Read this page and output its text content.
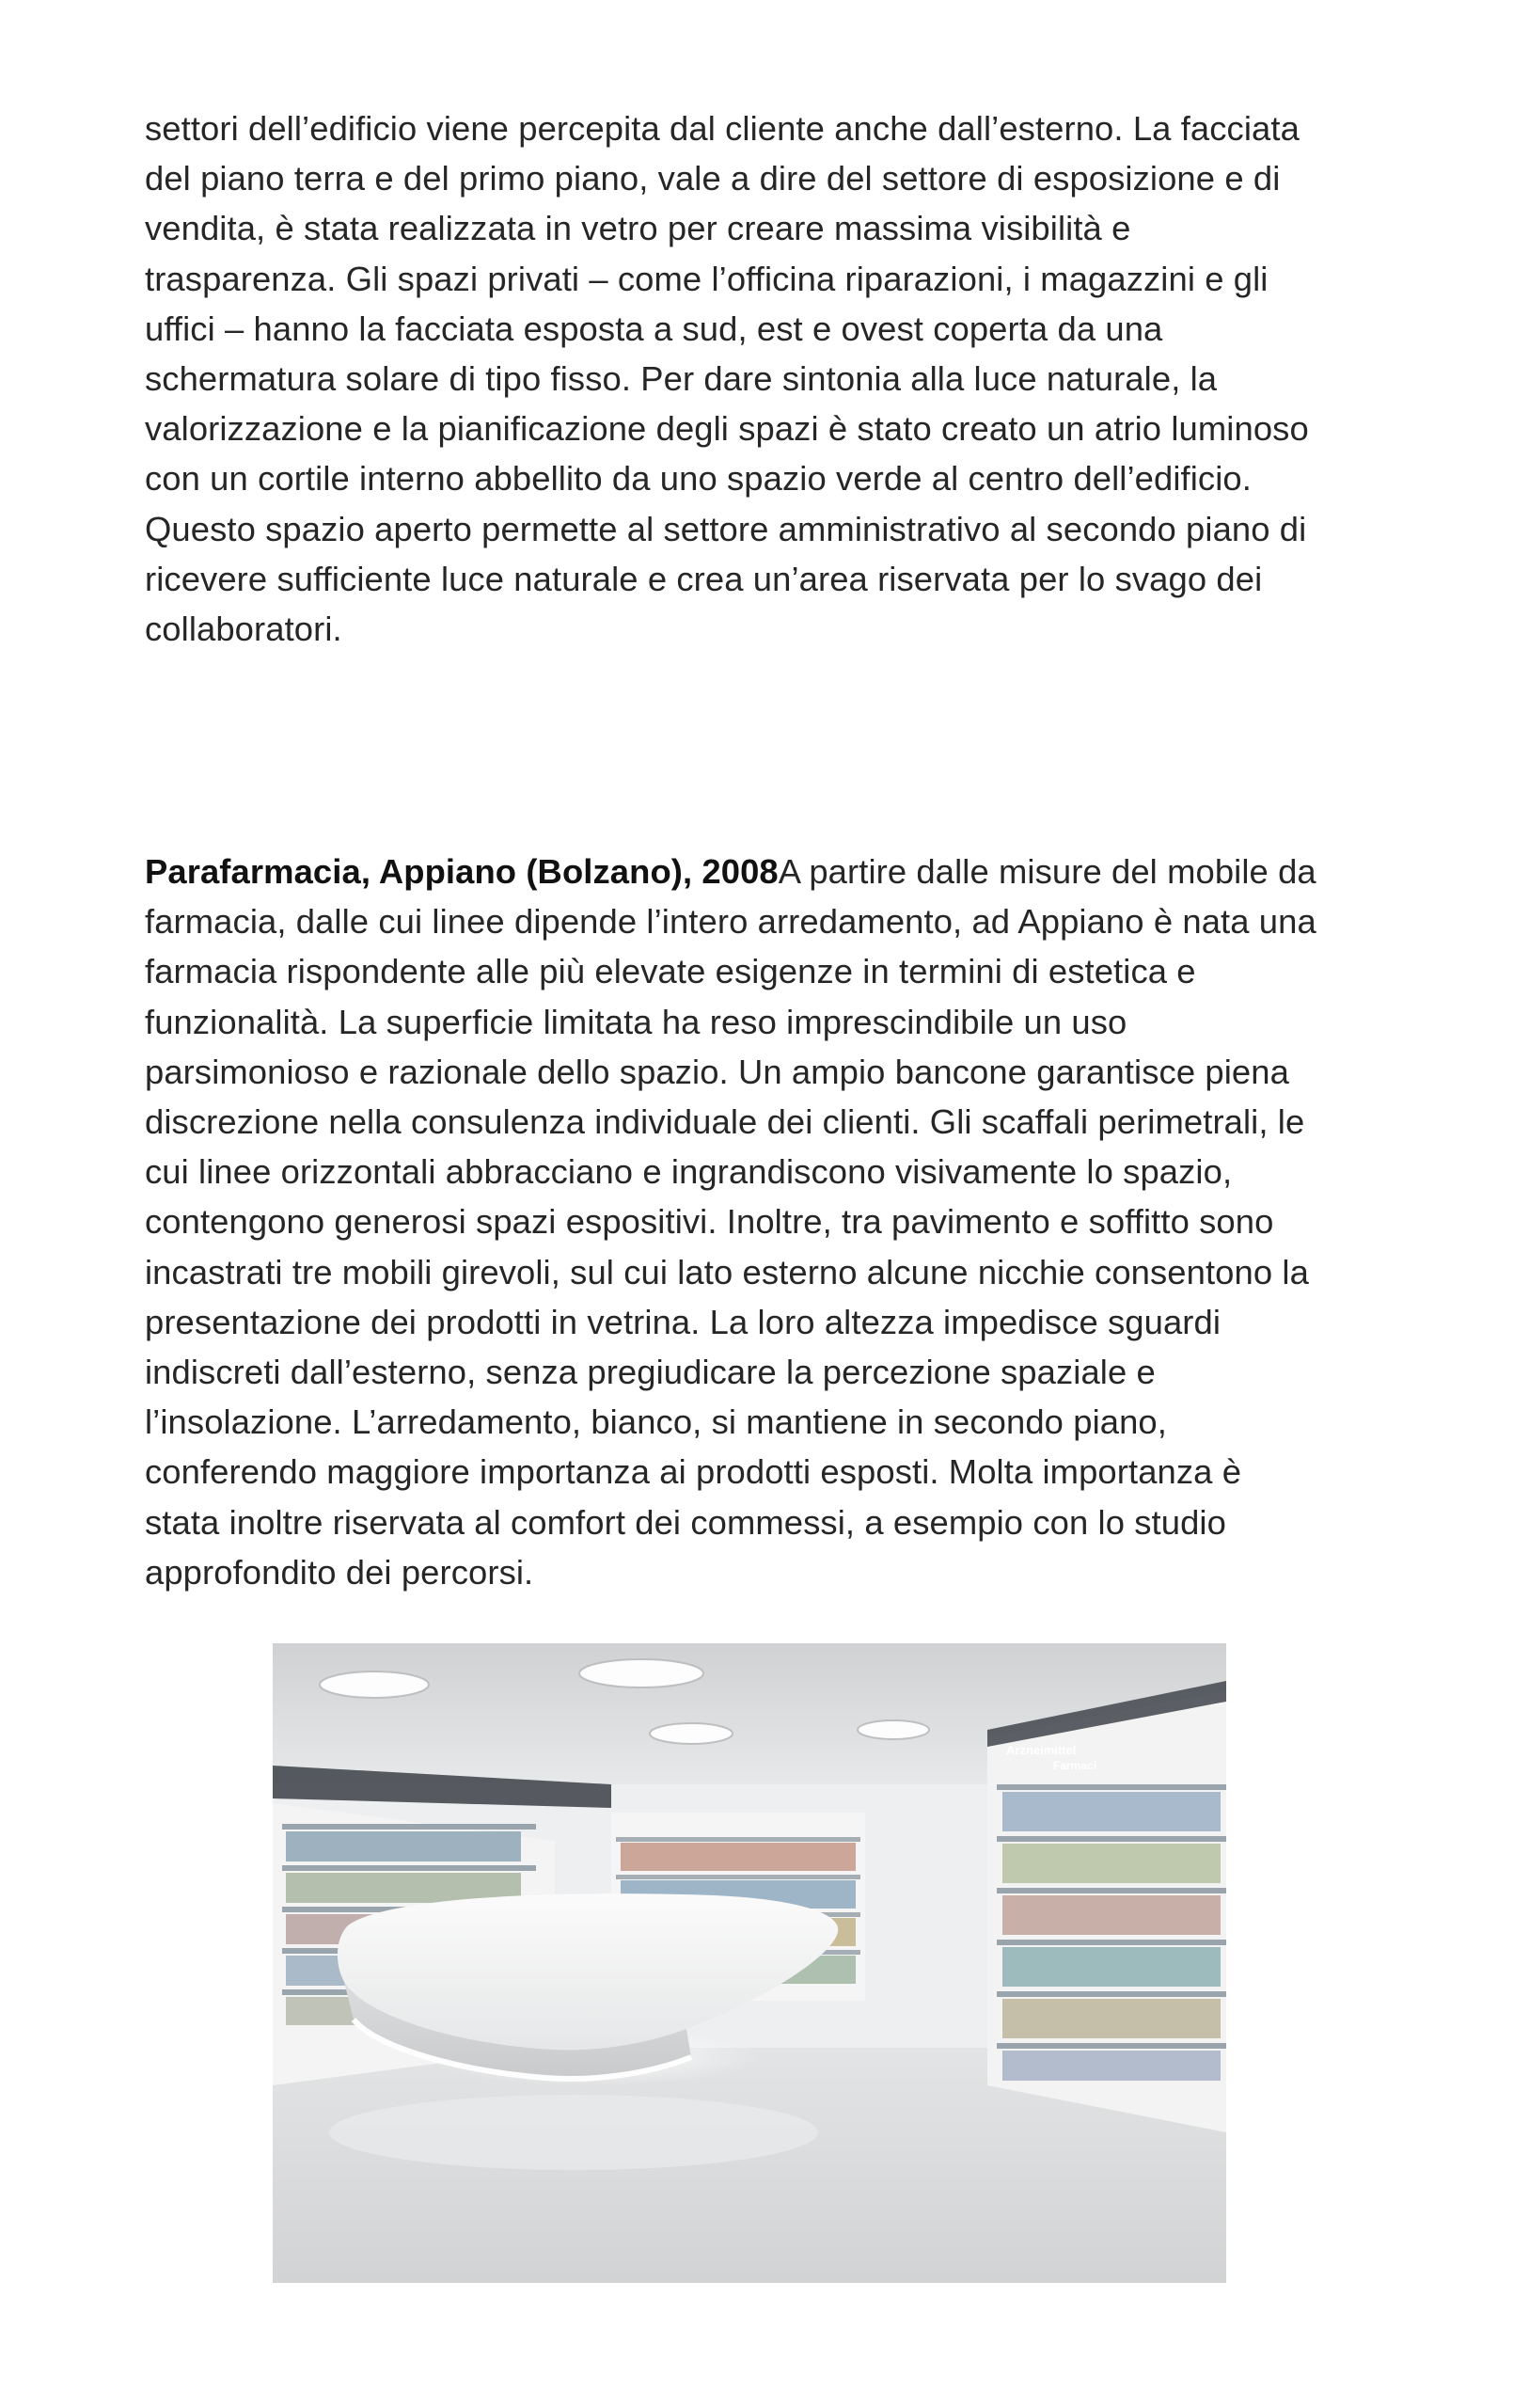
settori dell’edificio viene percepita dal cliente anche dall’esterno. La facciata
del piano terra e del primo piano, vale a dire del settore di esposizione e di
vendita, è stata realizzata in vetro per creare massima visibilità e
trasparenza. Gli spazi privati – come l’officina riparazioni, i magazzini e gli
uffici – hanno la facciata esposta a sud, est e ovest coperta da una
schermatura solare di tipo fisso. Per dare sintonia alla luce naturale, la
valorizzazione e la pianificazione degli spazi è stato creato un atrio luminoso
con un cortile interno abbellito da uno spazio verde al centro dell’edificio.
Questo spazio aperto permette al settore amministrativo al secondo piano di
ricevere sufficiente luce naturale e crea un’area riservata per lo svago dei
collaboratori.

Parafarmacia, Appiano (Bolzano), 2008A partire dalle misure del mobile da
farmacia, dalle cui linee dipende l’intero arredamento, ad Appiano è nata una
farmacia rispondente alle più elevate esigenze in termini di estetica e
funzionalità. La superficie limitata ha reso imprescindibile un uso
parsimonioso e razionale dello spazio. Un ampio bancone garantisce piena
discrezione nella consulenza individuale dei clienti. Gli scaffali perimetrali, le
cui linee orizzontali abbracciano e ingrandiscono visivamente lo spazio,
contengono generosi spazi espositivi. Inoltre, tra pavimento e soffitto sono
incastrati tre mobili girevoli, sul cui lato esterno alcune nicchie consentono la
presentazione dei prodotti in vetrina. La loro altezza impedisce sguardi
indiscreti dall’esterno, senza pregiudicare la percezione spaziale e
l’insolazione. L’arredamento, bianco, si mantiene in secondo piano,
conferendo maggiore importanza ai prodotti esposti. Molta importanza è
stata inoltre riservata al comfort dei commessi, a esempio con lo studio
approfondito dei percorsi.

Arzneimittel
Farmaci
